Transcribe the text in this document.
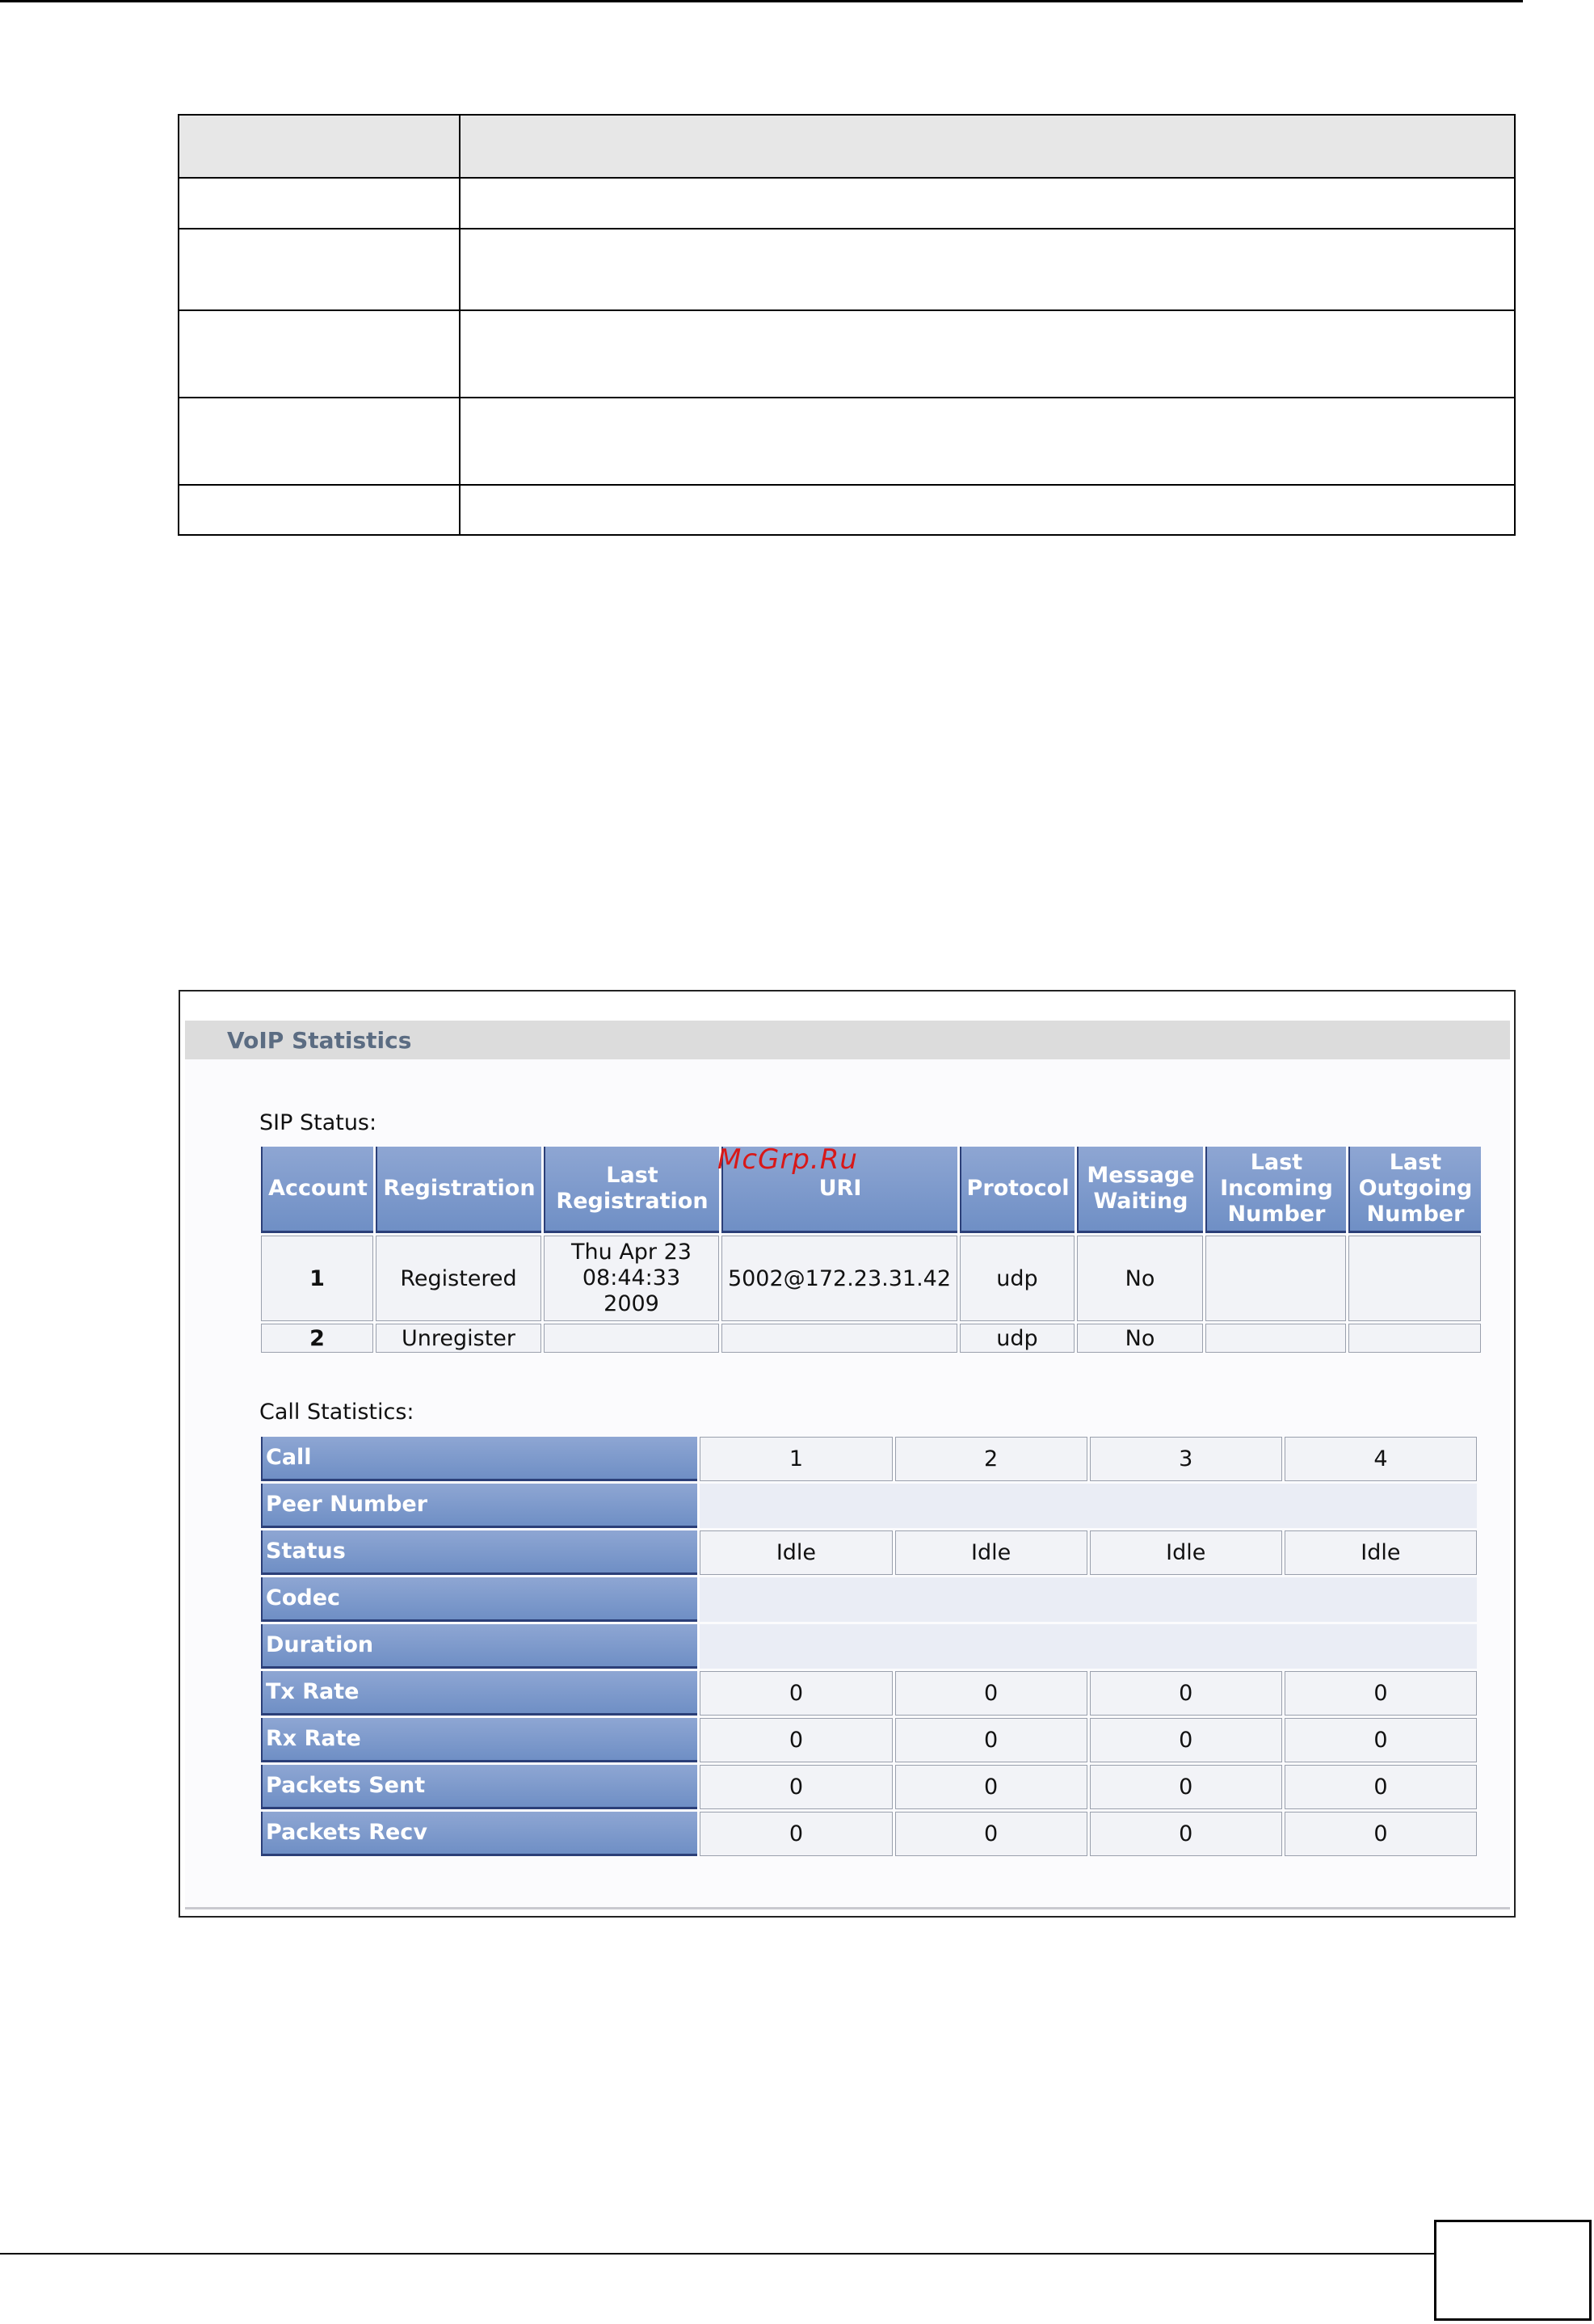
VoIP Statistics
SIP Status:
Account	Registration	Last Registration	URI	Protocol	Message Waiting	Last Incoming Number	Last Outgoing Number
1	Registered	Thu Apr 23 08:44:33 2009	5002@172.23.31.42	udp	No		
2	Unregister			udp	No		
Call Statistics:
Call	1	2	3	4
Peer Number				
Status	Idle	Idle	Idle	Idle
Codec				
Duration				
Tx Rate	0	0	0	0
Rx Rate	0	0	0	0
Packets Sent	0	0	0	0
Packets Recv	0	0	0	0
McGrp.Ru
